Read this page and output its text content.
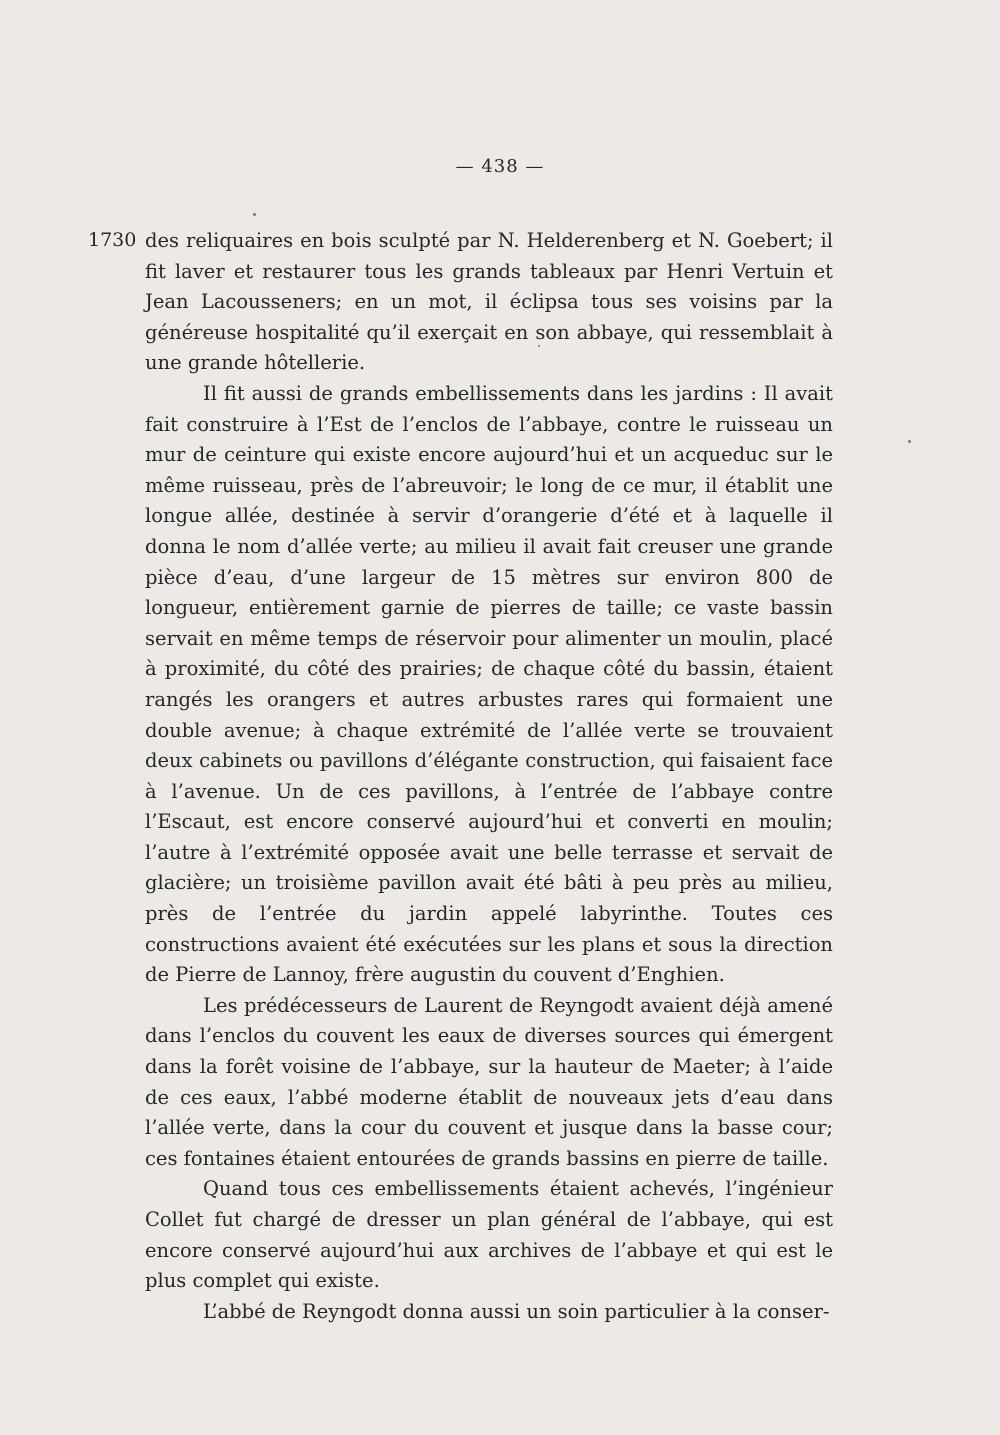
— 438 —
1730 des reliquaires en bois sculpté par N. Helderenberg et N. Goebert; il fit laver et restaurer tous les grands tableaux par Henri Vertuin et Jean Lacousseners; en un mot, il éclipsa tous ses voisins par la généreuse hospitalité qu’il exerçait en son abbaye, qui ressemblait à une grande hôtellerie.

Il fit aussi de grands embellissements dans les jardins : Il avait fait construire à l’Est de l’enclos de l’abbaye, contre le ruisseau un mur de ceinture qui existe encore aujourd’hui et un acqueduc sur le même ruisseau, près de l’abreuvoir; le long de ce mur, il établit une longue allée, destinée à servir d’orangerie d’été et à laquelle il donna le nom d’allée verte; au milieu il avait fait creuser une grande pièce d’eau, d’une largeur de 15 mètres sur environ 800 de longueur, entièrement garnie de pierres de taille; ce vaste bassin servait en même temps de réservoir pour alimenter un moulin, placé à proximité, du côté des prairies; de chaque côté du bassin, étaient rangés les orangers et autres arbustes rares qui formaient une double avenue; à chaque extrémité de l’allée verte se trouvaient deux cabinets ou pavillons d’élégante construction, qui faisaient face à l’avenue. Un de ces pavillons, à l’entrée de l’abbaye contre l’Escaut, est encore conservé aujourd’hui et converti en moulin; l’autre à l’extrémité opposée avait une belle terrasse et servait de glacière; un troisième pavillon avait été bâti à peu près au milieu, près de l’entrée du jardin appelé labyrinthe. Toutes ces constructions avaient été exécutées sur les plans et sous la direction de Pierre de Lannoy, frère augustin du couvent d’Enghien.

Les prédécesseurs de Laurent de Reyngodt avaient déjà amené dans l’enclos du couvent les eaux de diverses sources qui émergent dans la forêt voisine de l’abbaye, sur la hauteur de Maeter; à l’aide de ces eaux, l’abbé moderne établit de nouveaux jets d’eau dans l’allée verte, dans la cour du couvent et jusque dans la basse cour; ces fontaines étaient entourées de grands bassins en pierre de taille.

Quand tous ces embellissements étaient achevés, l’ingénieur Collet fut chargé de dresser un plan général de l’abbaye, qui est encore conservé aujourd’hui aux archives de l’abbaye et qui est le plus complet qui existe.

L’abbé de Reyngodt donna aussi un soin particulier à la conser-
